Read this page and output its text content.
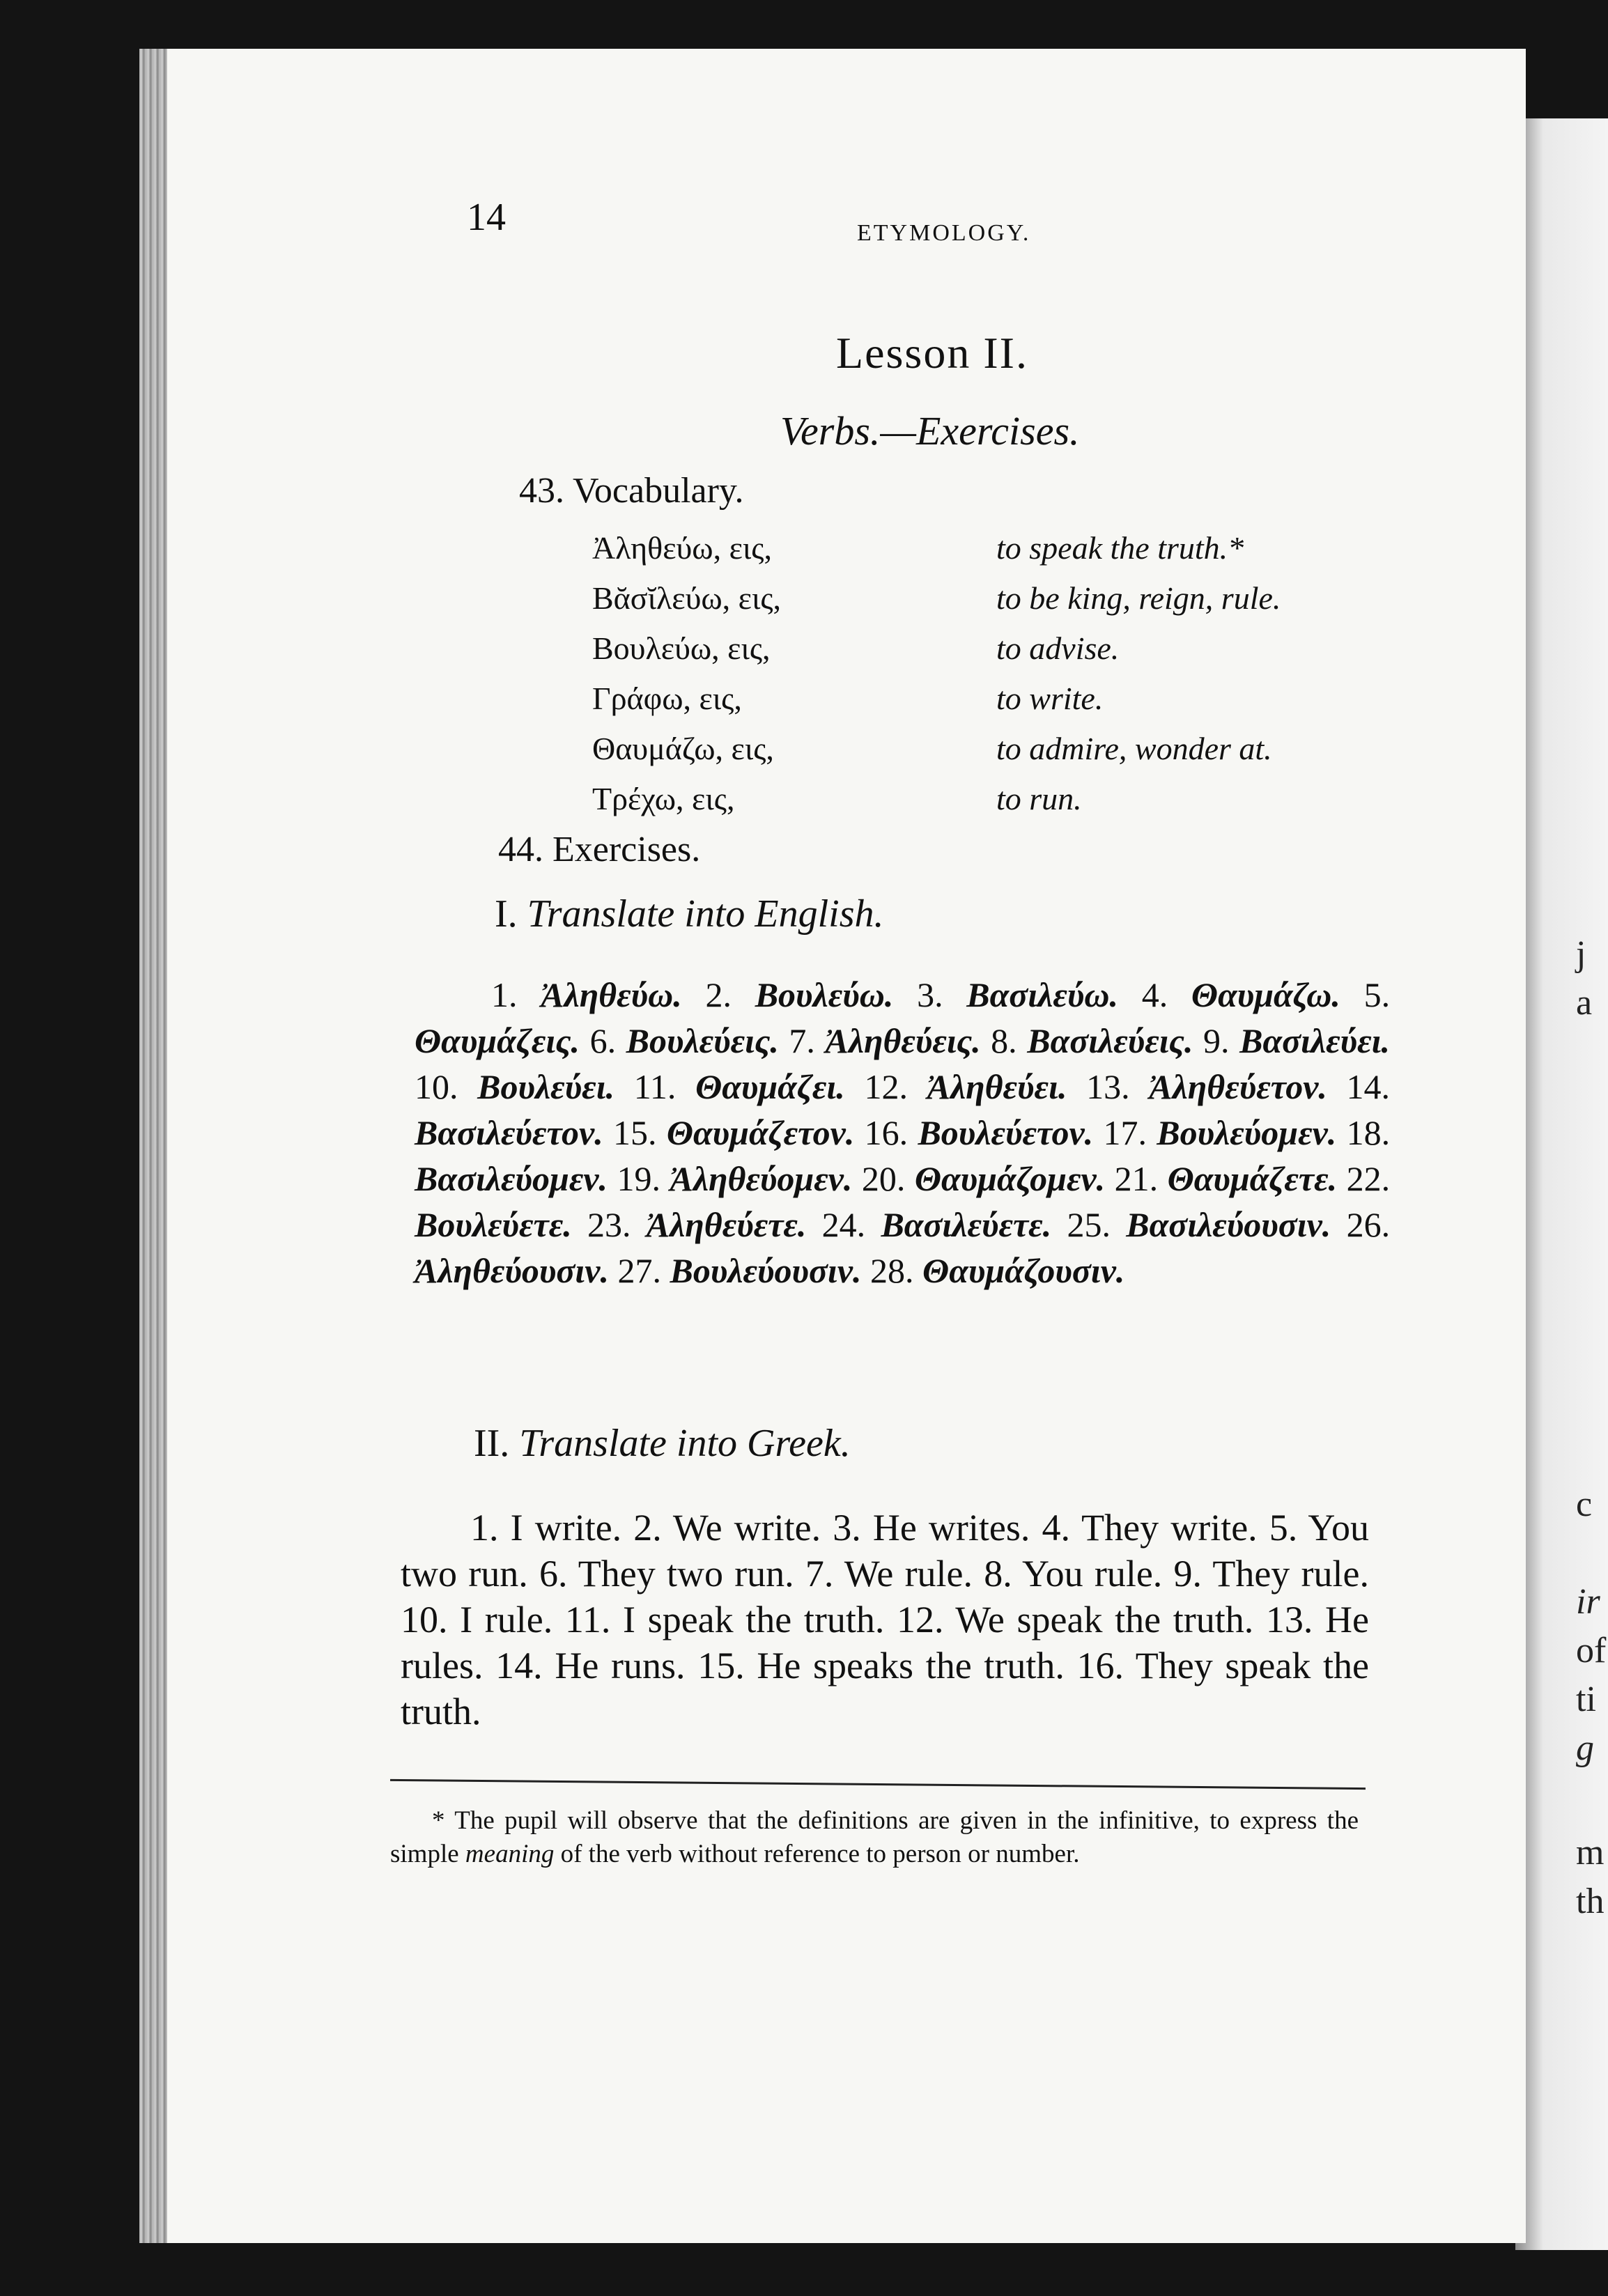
j
a
c
ir
of
ti
g
m
th
14	ETYMOLOGY.
Lesson II.
Verbs.—Exercises.
43. Vocabulary.
Ἀληθεύω, εις,	to speak the truth.*
Βᾰσῐλεύω, εις,	to be king, reign, rule.
Βουλεύω, εις,	to advise.
Γράφω, εις,	to write.
Θαυμάζω, εις,	to admire, wonder at.
Τρέχω, εις,	to run.
44. Exercises.
I. Translate into English.
1. Ἀληθεύω. 2. Βουλεύω. 3. Βασιλεύω. 4. Θαυμάζω. 5. Θαυμάζεις. 6. Βουλεύεις. 7. Ἀληθεύεις. 8. Βασιλεύεις. 9. Βασιλεύει. 10. Βουλεύει. 11. Θαυμάζει. 12. Ἀληθεύει. 13. Ἀληθεύετον. 14. Βασιλεύετον. 15. Θαυμάζετον. 16. Βουλεύετον. 17. Βουλεύομεν. 18. Βασιλεύομεν. 19. Ἀληθεύομεν. 20. Θαυμάζομεν. 21. Θαυμάζετε. 22. Βουλεύετε. 23. Ἀληθεύετε. 24. Βασιλεύετε. 25. Βασιλεύουσιν. 26. Ἀληθεύουσιν. 27. Βουλεύουσιν. 28. Θαυμάζουσιν.
II. Translate into Greek.
1. I write. 2. We write. 3. He writes. 4. They write. 5. You two run. 6. They two run. 7. We rule. 8. You rule. 9. They rule. 10. I rule. 11. I speak the truth. 12. We speak the truth. 13. He rules. 14. He runs. 15. He speaks the truth. 16. They speak the truth.
* The pupil will observe that the definitions are given in the infinitive, to express the simple meaning of the verb without reference to person or number.
